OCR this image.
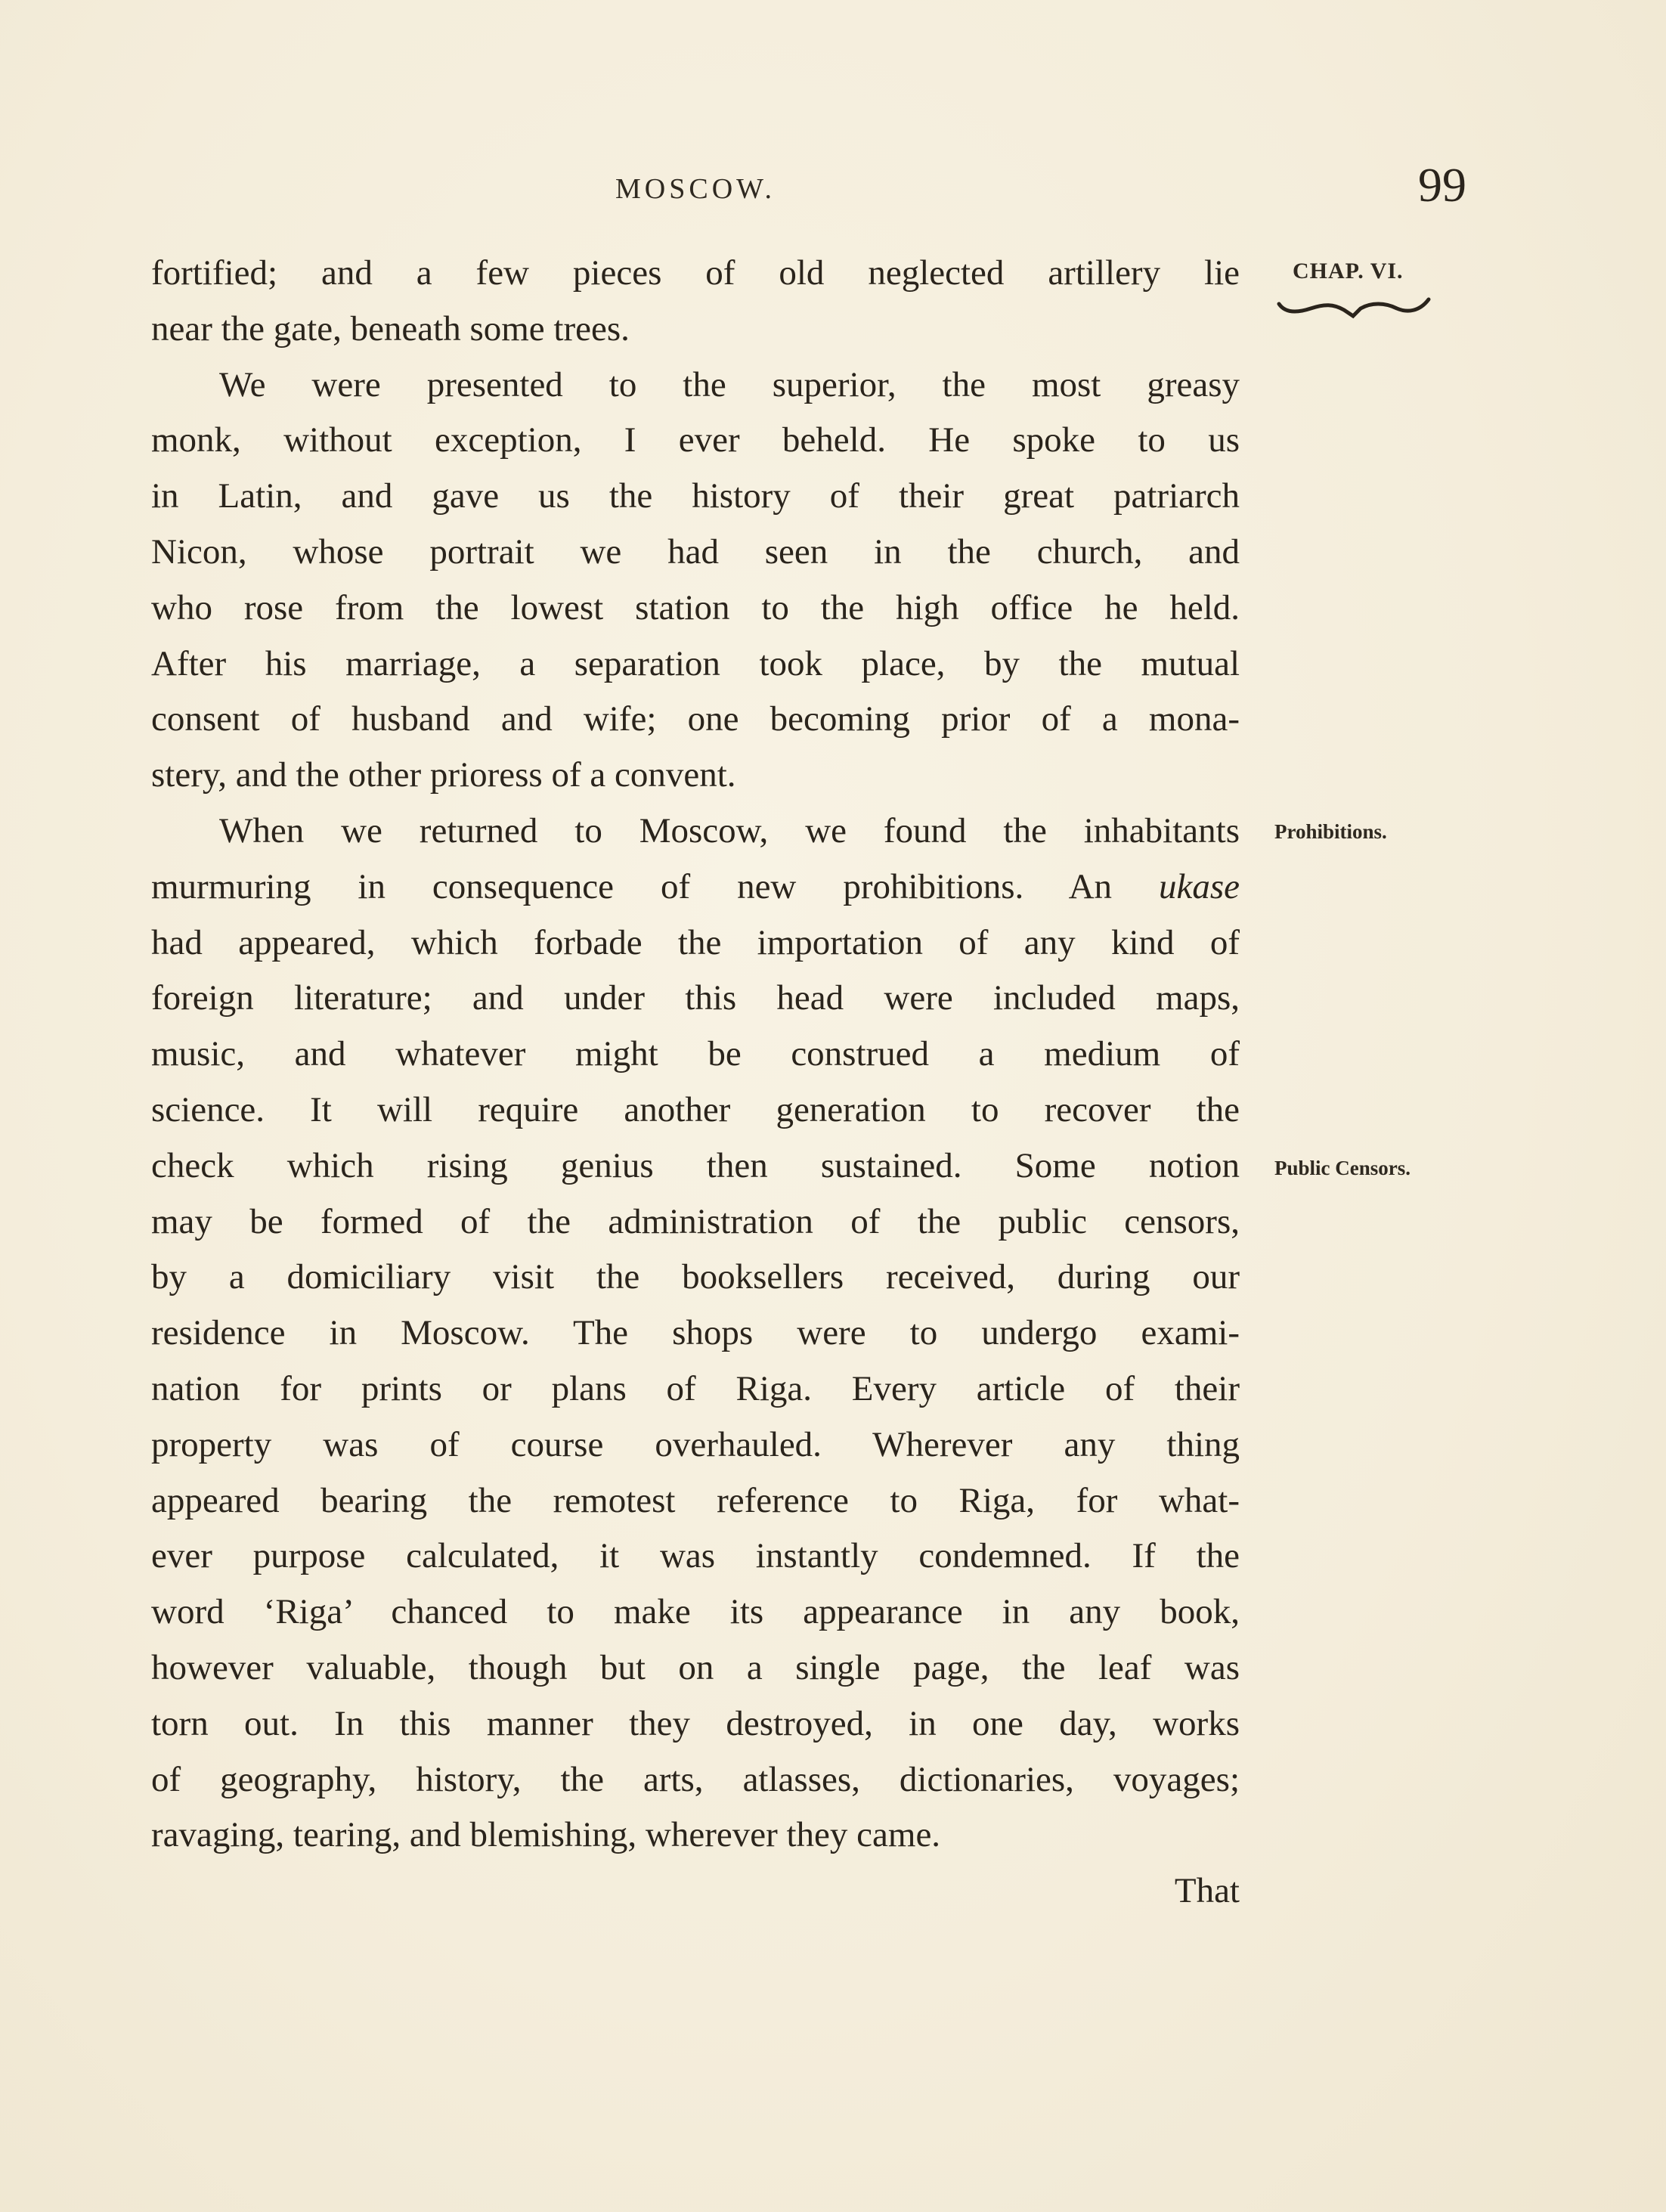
MOSCOW.	99
CHAP. VI.
Prohibitions.
Public Censors.
fortified; and a few pieces of old neglected artillery lie
near the gate, beneath some trees.
We were presented to the superior, the most greasy
monk, without exception, I ever beheld. He spoke to us
in Latin, and gave us the history of their great patriarch
Nicon, whose portrait we had seen in the church, and
who rose from the lowest station to the high office he held.
After his marriage, a separation took place, by the mutual
consent of husband and wife; one becoming prior of a mona-
stery, and the other prioress of a convent.
When we returned to Moscow, we found the inhabitants
murmuring in consequence of new prohibitions. An ukase
had appeared, which forbade the importation of any kind of
foreign literature; and under this head were included maps,
music, and whatever might be construed a medium of
science. It will require another generation to recover the
check which rising genius then sustained. Some notion
may be formed of the administration of the public censors,
by a domiciliary visit the booksellers received, during our
residence in Moscow. The shops were to undergo exami-
nation for prints or plans of Riga. Every article of their
property was of course overhauled. Wherever any thing
appeared bearing the remotest reference to Riga, for what-
ever purpose calculated, it was instantly condemned. If the
word ‘Riga’ chanced to make its appearance in any book,
however valuable, though but on a single page, the leaf was
torn out. In this manner they destroyed, in one day, works
of geography, history, the arts, atlasses, dictionaries, voyages;
ravaging, tearing, and blemishing, wherever they came.
That
